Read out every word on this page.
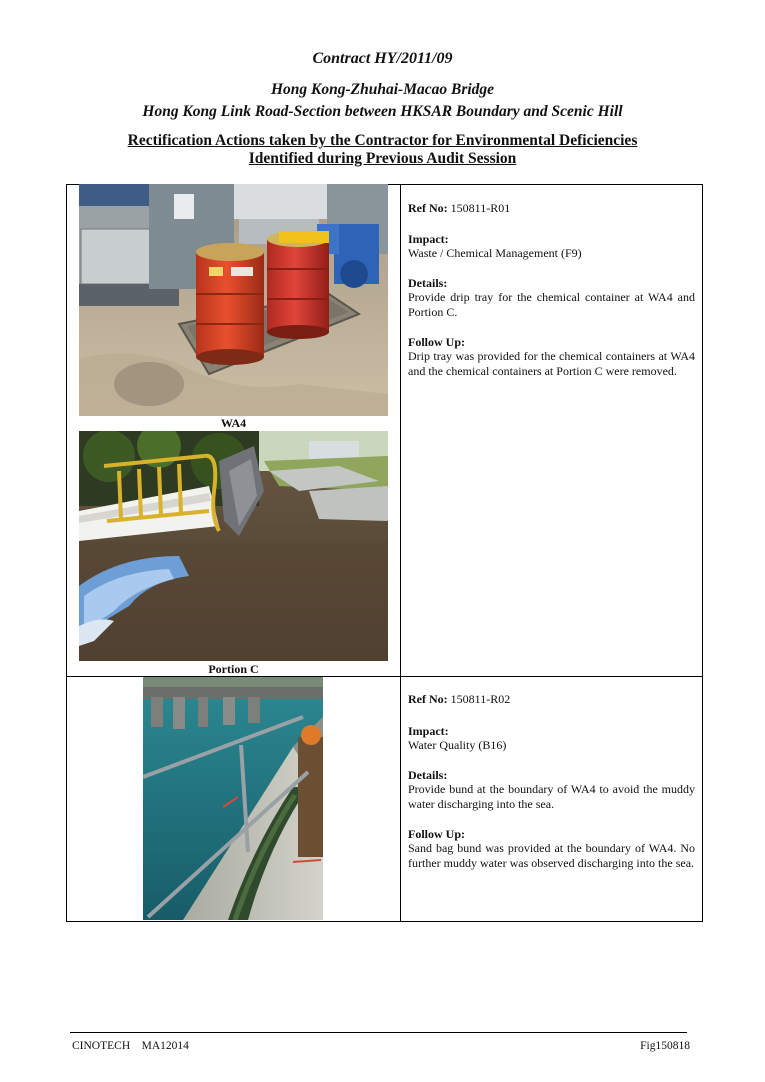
Contract HY/2011/09
Hong Kong-Zhuhai-Macao Bridge
Hong Kong Link Road-Section between HKSAR Boundary and Scenic Hill
Rectification Actions taken by the Contractor for Environmental Deficiencies
Identified during Previous Audit Session
WA4
Portion C

Ref No: 150811-R01

Impact:

Waste / Chemical Management (F9)

Details:

Provide drip tray for the chemical container at WA4 and Portion C.

Follow Up:

Drip tray was provided for the chemical containers at WA4 and the chemical containers at Portion C were removed.

Ref No: 150811-R02

Impact:

Water Quality (B16)

Details:

Provide bund at the boundary of WA4 to avoid the muddy water discharging into the sea.

Follow Up:

Sand bag bund was provided at the boundary of WA4. No further muddy water was observed discharging into the sea.

CINOTECH    MA12014	Fig150818
